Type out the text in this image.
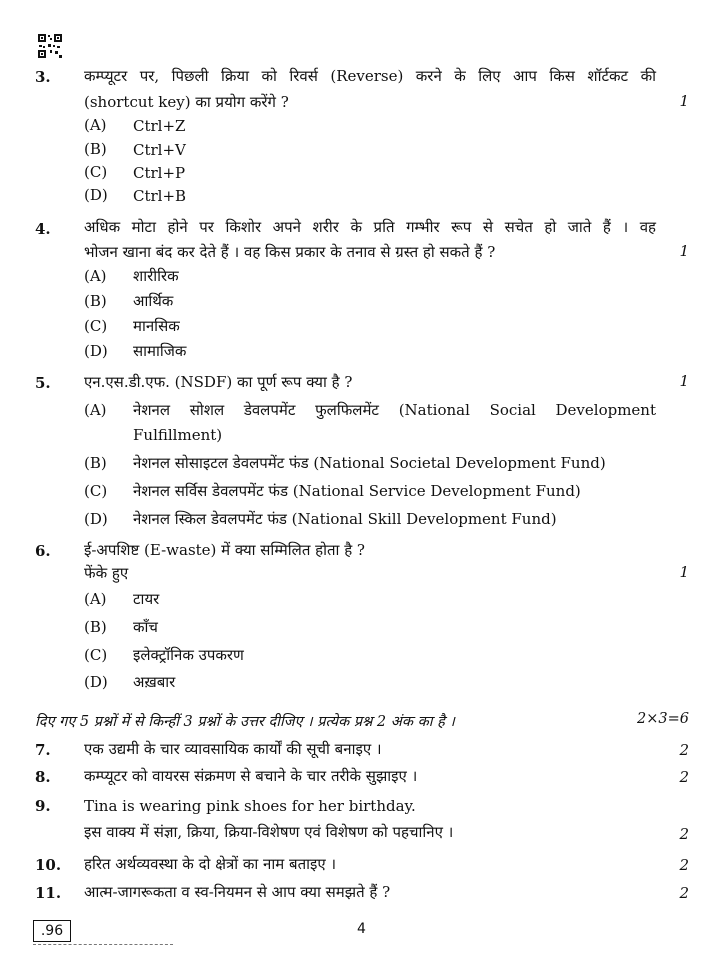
3. कम्प्यूटर पर, पिछली क्रिया को रिवर्स (Reverse) करने के लिए आप किस शॉर्टकट की
(shortcut key) का प्रयोग करेंगे ?	1
(A) Ctrl+Z
(B) Ctrl+V
(C) Ctrl+P
(D) Ctrl+B
4. अधिक मोटा होने पर किशोर अपने शरीर के प्रति गम्भीर रूप से सचेत हो जाते हैं । वह
भोजन खाना बंद कर देते हैं । वह किस प्रकार के तनाव से ग्रस्त हो सकते हैं ?	1
(A) शारीरिक
(B) आर्थिक
(C) मानसिक
(D) सामाजिक
5. एन.एस.डी.एफ. (NSDF) का पूर्ण रूप क्या है ?	1
(A) नेशनल सोशल डेवलपमेंट फुलफिलमेंट (National Social Development
Fulfillment)
(B) नेशनल सोसाइटल डेवलपमेंट फंड (National Societal Development Fund)
(C) नेशनल सर्विस डेवलपमेंट फंड (National Service Development Fund)
(D) नेशनल स्किल डेवलपमेंट फंड (National Skill Development Fund)
6. ई-अपशिष्ट (E-waste) में क्या सम्मिलित होता है ?
फेंके हुए	1
(A) टायर
(B) काँच
(C) इलेक्ट्रॉनिक उपकरण
(D) अख़बार
दिए गए 5 प्रश्नों में से किन्हीं 3 प्रश्नों के उत्तर दीजिए । प्रत्येक प्रश्न 2 अंक का है ।	2×3=6
7. एक उद्यमी के चार व्यावसायिक कार्यों की सूची बनाइए ।	2
8. कम्प्यूटर को वायरस संक्रमण से बचाने के चार तरीके सुझाइए ।	2
9. Tina is wearing pink shoes for her birthday.
इस वाक्य में संज्ञा, क्रिया, क्रिया-विशेषण एवं विशेषण को पहचानिए ।	2
10. हरित अर्थव्यवस्था के दो क्षेत्रों का नाम बताइए ।	2
11. आत्म-जागरूकता व स्व-नियमन से आप क्या समझते हैं ?	2
.96	4
